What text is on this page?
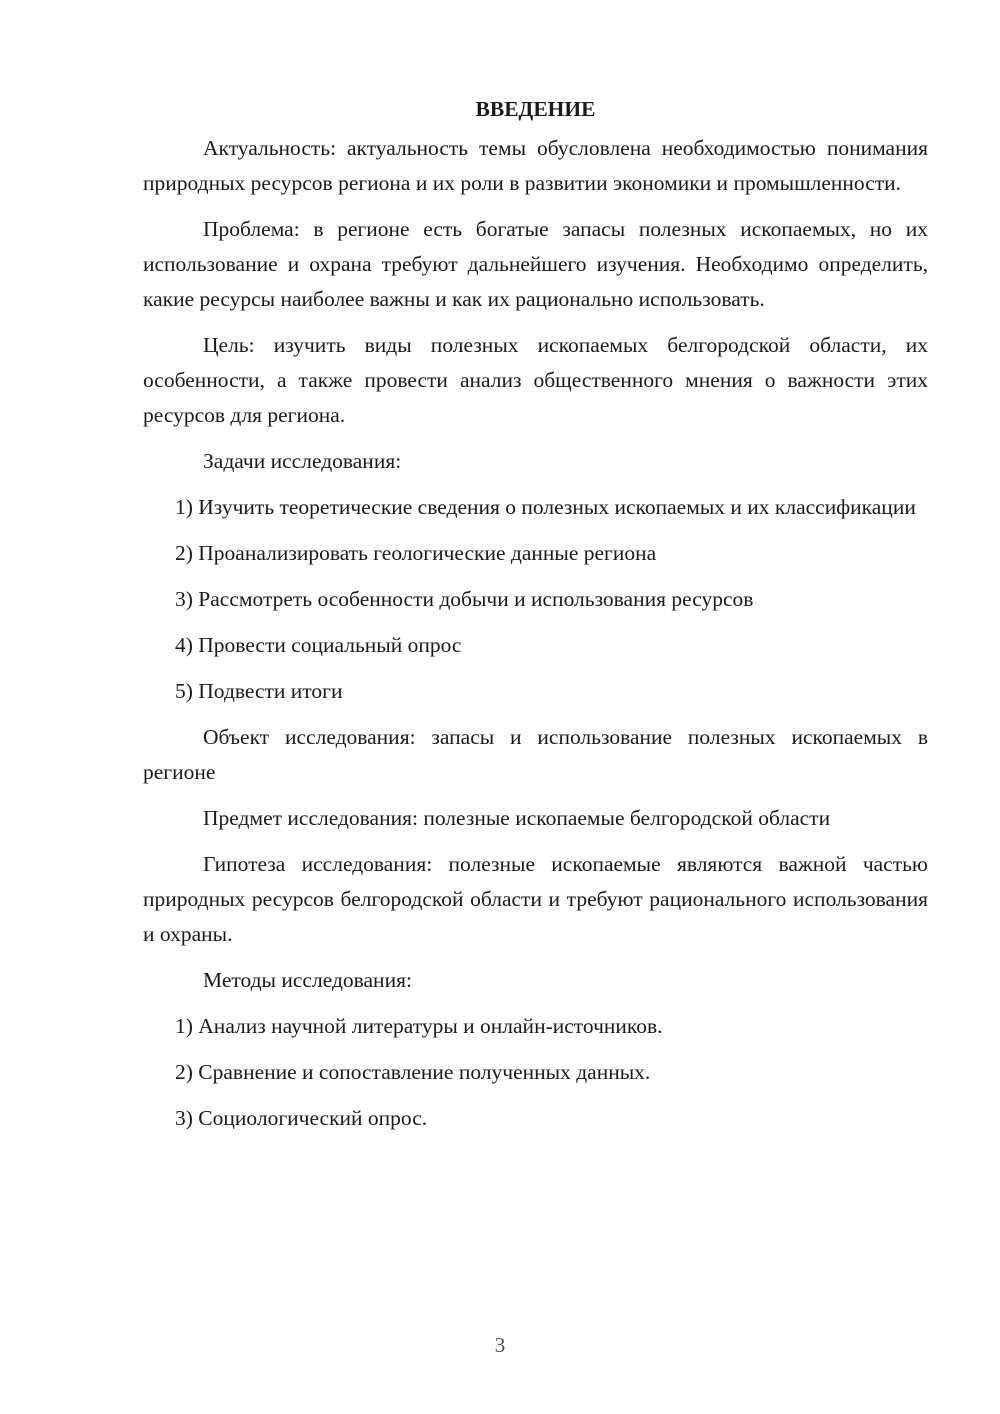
ВВЕДЕНИЕ

Актуальность: актуальность темы обусловлена необходимостью понимания природных ресурсов региона и их роли в развитии экономики и промышленности.

Проблема: в регионе есть богатые запасы полезных ископаемых, но их использование и охрана требуют дальнейшего изучения. Необходимо определить, какие ресурсы наиболее важны и как их рационально использовать.

Цель: изучить виды полезных ископаемых белгородской области, их особенности, а также провести анализ общественного мнения о важности этих ресурсов для региона.

Задачи исследования:

1) Изучить теоретические сведения о полезных ископаемых и их классификации

2) Проанализировать геологические данные региона

3) Рассмотреть особенности добычи и использования ресурсов

4) Провести социальный опрос

5) Подвести итоги

Объект исследования: запасы и использование полезных ископаемых в регионе

Предмет исследования: полезные ископаемые белгородской области

Гипотеза исследования: полезные ископаемые являются важной частью природных ресурсов белгородской области и требуют рационального использования и охраны.

Методы исследования:

1) Анализ научной литературы и онлайн-источников.

2) Сравнение и сопоставление полученных данных.

3) Социологический опрос.

3
